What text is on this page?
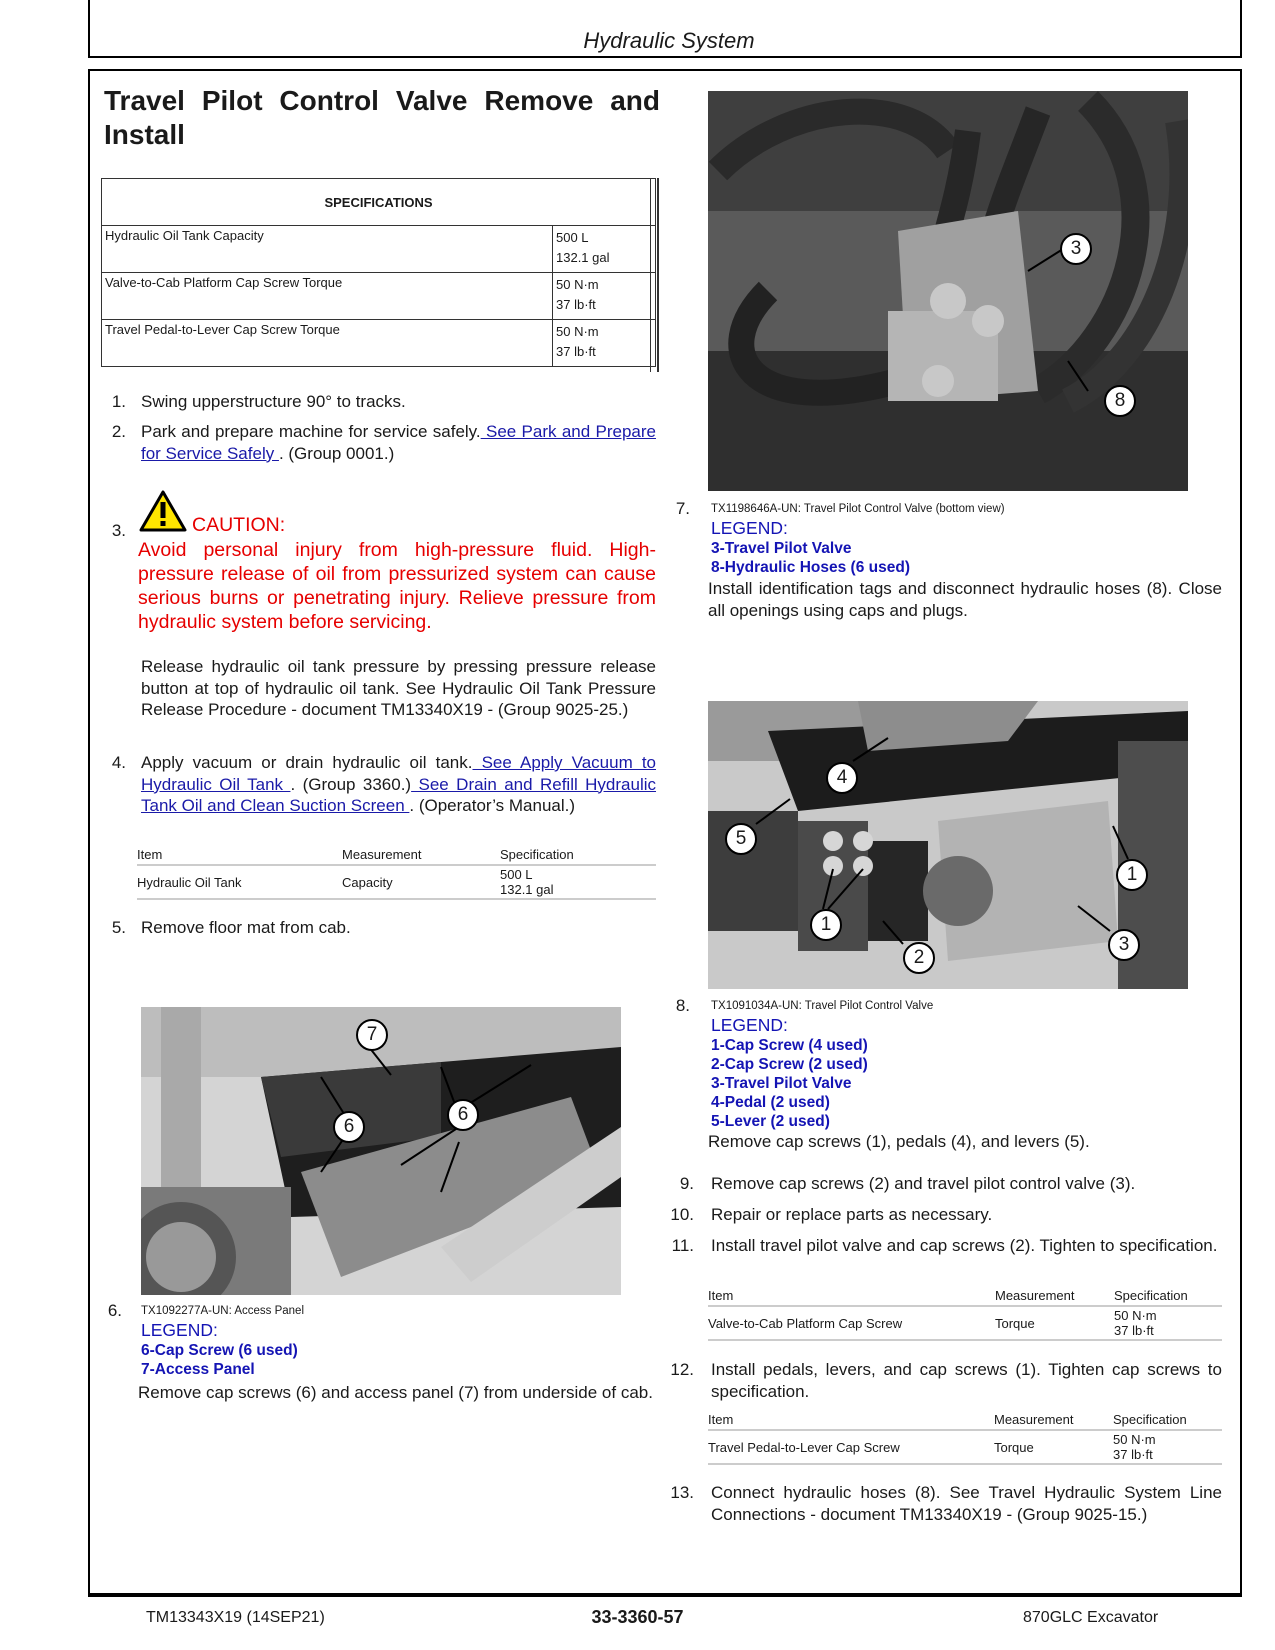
Hydraulic System
Travel Pilot Control Valve Remove and Install
SPECIFICATIONS	
Hydraulic Oil Tank Capacity	500 L
132.1 gal
Valve-to-Cab Platform Cap Screw Torque	50 N·m
37 lb·ft
Travel Pedal-to-Lever Cap Screw Torque	50 N·m
37 lb·ft
1. Swing upperstructure 90° to tracks.
2. Park and prepare machine for service safely. See Park and Prepare for Service Safely . (Group 0001.)
3.	CAUTION:
Avoid personal injury from high-pressure fluid. High-pressure release of oil from pressurized system can cause serious burns or penetrating injury. Relieve pressure from hydraulic system before servicing.
Release hydraulic oil tank pressure by pressing pressure release button at top of hydraulic oil tank. See Hydraulic Oil Tank Pressure Release Procedure - document TM13340X19 - (Group 9025-25.)
4. Apply vacuum or drain hydraulic oil tank. See Apply Vacuum to Hydraulic Oil Tank . (Group 3360.) See Drain and Refill Hydraulic Tank Oil and Clean Suction Screen . (Operator’s Manual.)
Item	Measurement	Specification
Hydraulic Oil Tank	Capacity	500 L
132.1 gal
5. Remove floor mat from cab.
7
6
6
6. TX1092277A-UN: Access Panel
LEGEND:
6-Cap Screw (6 used)
7-Access Panel
Remove cap screws (6) and access panel (7) from underside of cab.
3
8
7. TX1198646A-UN: Travel Pilot Control Valve (bottom view)
LEGEND:
3-Travel Pilot Valve
8-Hydraulic Hoses (6 used)
Install identification tags and disconnect hydraulic hoses (8). Close all openings using caps and plugs.
4
5
1
1
2
3
8. TX1091034A-UN: Travel Pilot Control Valve
LEGEND:
1-Cap Screw (4 used)
2-Cap Screw (2 used)
3-Travel Pilot Valve
4-Pedal (2 used)
5-Lever (2 used)
Remove cap screws (1), pedals (4), and levers (5).
9. Remove cap screws (2) and travel pilot control valve (3).
10. Repair or replace parts as necessary.
11. Install travel pilot valve and cap screws (2). Tighten to specification.
Item	Measurement	Specification
Valve-to-Cab Platform Cap Screw	Torque	50 N·m
37 lb·ft
12. Install pedals, levers, and cap screws (1). Tighten cap screws to specification.
Item	Measurement	Specification
Travel Pedal-to-Lever Cap Screw	Torque	50 N·m
37 lb·ft
13. Connect hydraulic hoses (8). See Travel Hydraulic System Line Connections - document TM13340X19 - (Group 9025-15.)
TM13343X19 (14SEP21)	33-3360-57	870GLC Excavator
